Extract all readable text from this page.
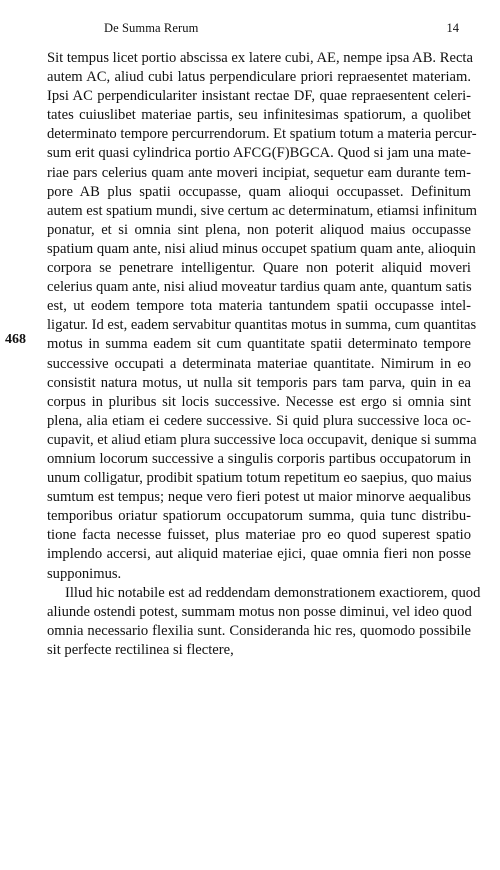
De Summa Rerum	14
468
Sit tempus licet portio abscissa ex latere cubi, AE, nempe ipsa AB. Recta
autem AC, aliud cubi latus perpendiculare priori repraesentet materiam.
Ipsi AC perpendiculariter insistant rectae DF, quae repraesentent celeri-
tates cuiuslibet materiae partis, seu infinitesimas spatiorum, a quolibet
determinato tempore percurrendorum. Et spatium totum a materia percur-
sum erit quasi cylindrica portio AFCG(F)BGCA. Quod si jam una mate-
riae pars celerius quam ante moveri incipiat, sequetur eam durante tem-
pore AB plus spatii occupasse, quam alioqui occupasset. Definitum
autem est spatium mundi, sive certum ac determinatum, etiamsi infinitum
ponatur, et si omnia sint plena, non poterit aliquod maius occupasse
spatium quam ante, nisi aliud minus occupet spatium quam ante, alioquin
corpora se penetrare intelligentur. Quare non poterit aliquid moveri
celerius quam ante, nisi aliud moveatur tardius quam ante, quantum satis
est, ut eodem tempore tota materia tantundem spatii occupasse intel-
ligatur. Id est, eadem servabitur quantitas motus in summa, cum quantitas
motus in summa eadem sit cum quantitate spatii determinato tempore
successive occupati a determinata materiae quantitate. Nimirum in eo
consistit natura motus, ut nulla sit temporis pars tam parva, quin in ea
corpus in pluribus sit locis successive. Necesse est ergo si omnia sint
plena, alia etiam ei cedere successive. Si quid plura successive loca oc-
cupavit, et aliud etiam plura successive loca occupavit, denique si summa
omnium locorum successive a singulis corporis partibus occupatorum in
unum colligatur, prodibit spatium totum repetitum eo saepius, quo maius
sumtum est tempus; neque vero fieri potest ut maior minorve aequalibus
temporibus oriatur spatiorum occupatorum summa, quia tunc distribu-
tione facta necesse fuisset, plus materiae pro eo quod superest spatio
implendo accersi, aut aliquid materiae ejici, quae omnia fieri non posse
supponimus.
Illud hic notabile est ad reddendam demonstrationem exactiorem, quod
aliunde ostendi potest, summam motus non posse diminui, vel ideo quod
omnia necessario flexilia sunt. Consideranda hic res, quomodo possibile
sit perfecte rectilinea si flectere,
